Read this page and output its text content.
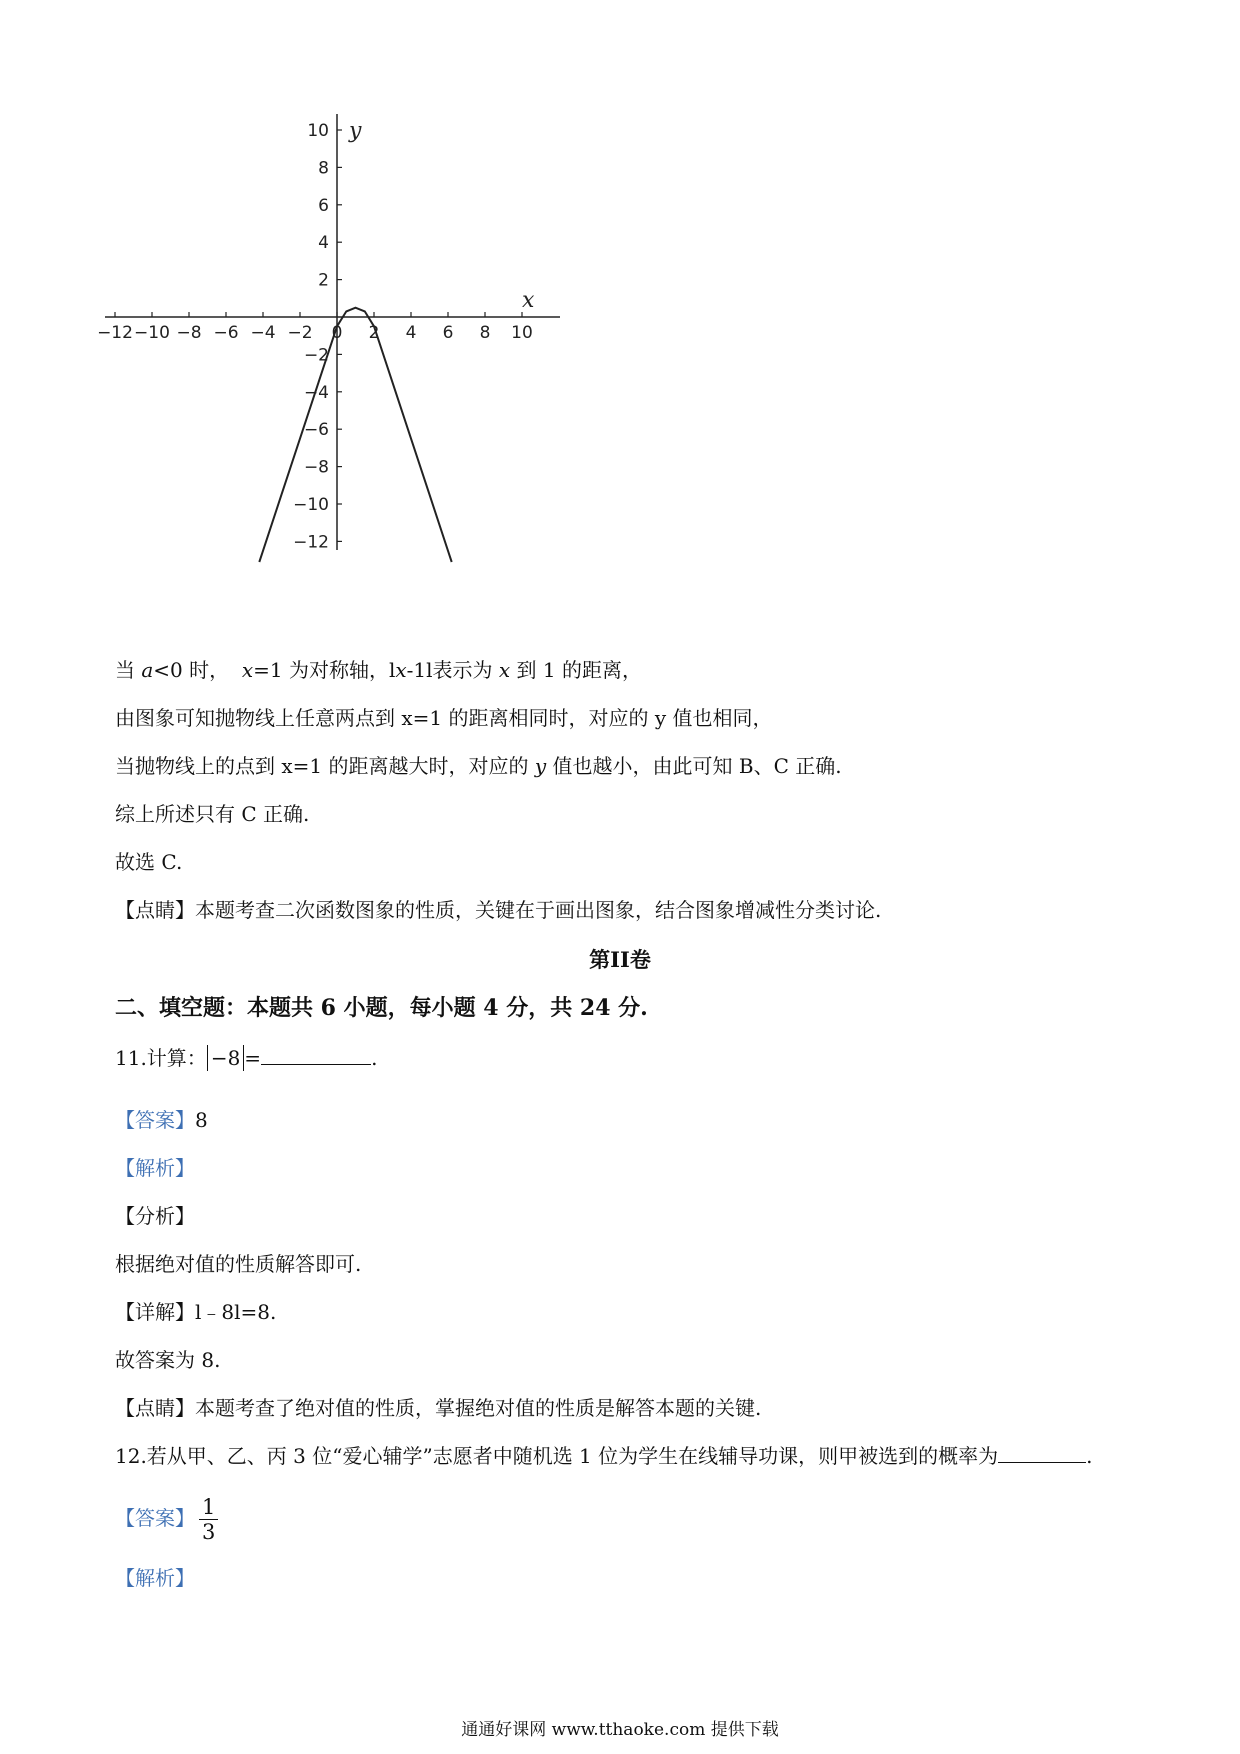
−12 −10 −8 −6 −4 −2 0 2 4 6 8 10
10
8
6
4
2
−2
−4
−6
−8
−10
−12
x
y
当 a<0 时，  x=1 为对称轴，lx-1l表示为 x 到 1 的距离，
由图象可知抛物线上任意两点到 x=1 的距离相同时，对应的 y 值也相同，
当抛物线上的点到 x=1 的距离越大时，对应的 y 值也越小，由此可知 B、C 正确.
综上所述只有 C 正确.
故选 C.
【点睛】本题考查二次函数图象的性质，关键在于画出图象，结合图象增减性分类讨论.
第II卷
二、填空题：本题共 6 小题，每小题 4 分，共 24 分.
11.计算： −8 =	.
【答案】8
【解析】
【分析】
根据绝对值的性质解答即可.
【详解】l﹣8l=8.
故答案为 8.
【点睛】本题考查了绝对值的性质，掌握绝对值的性质是解答本题的关键.
12.若从甲、乙、丙 3 位“爱心辅学”志愿者中随机选 1 位为学生在线辅导功课，则甲被选到的概率为	.
【答案】 $\frac{1}{3}$
【解析】
通通好课网 www.tthaoke.com 提供下载
